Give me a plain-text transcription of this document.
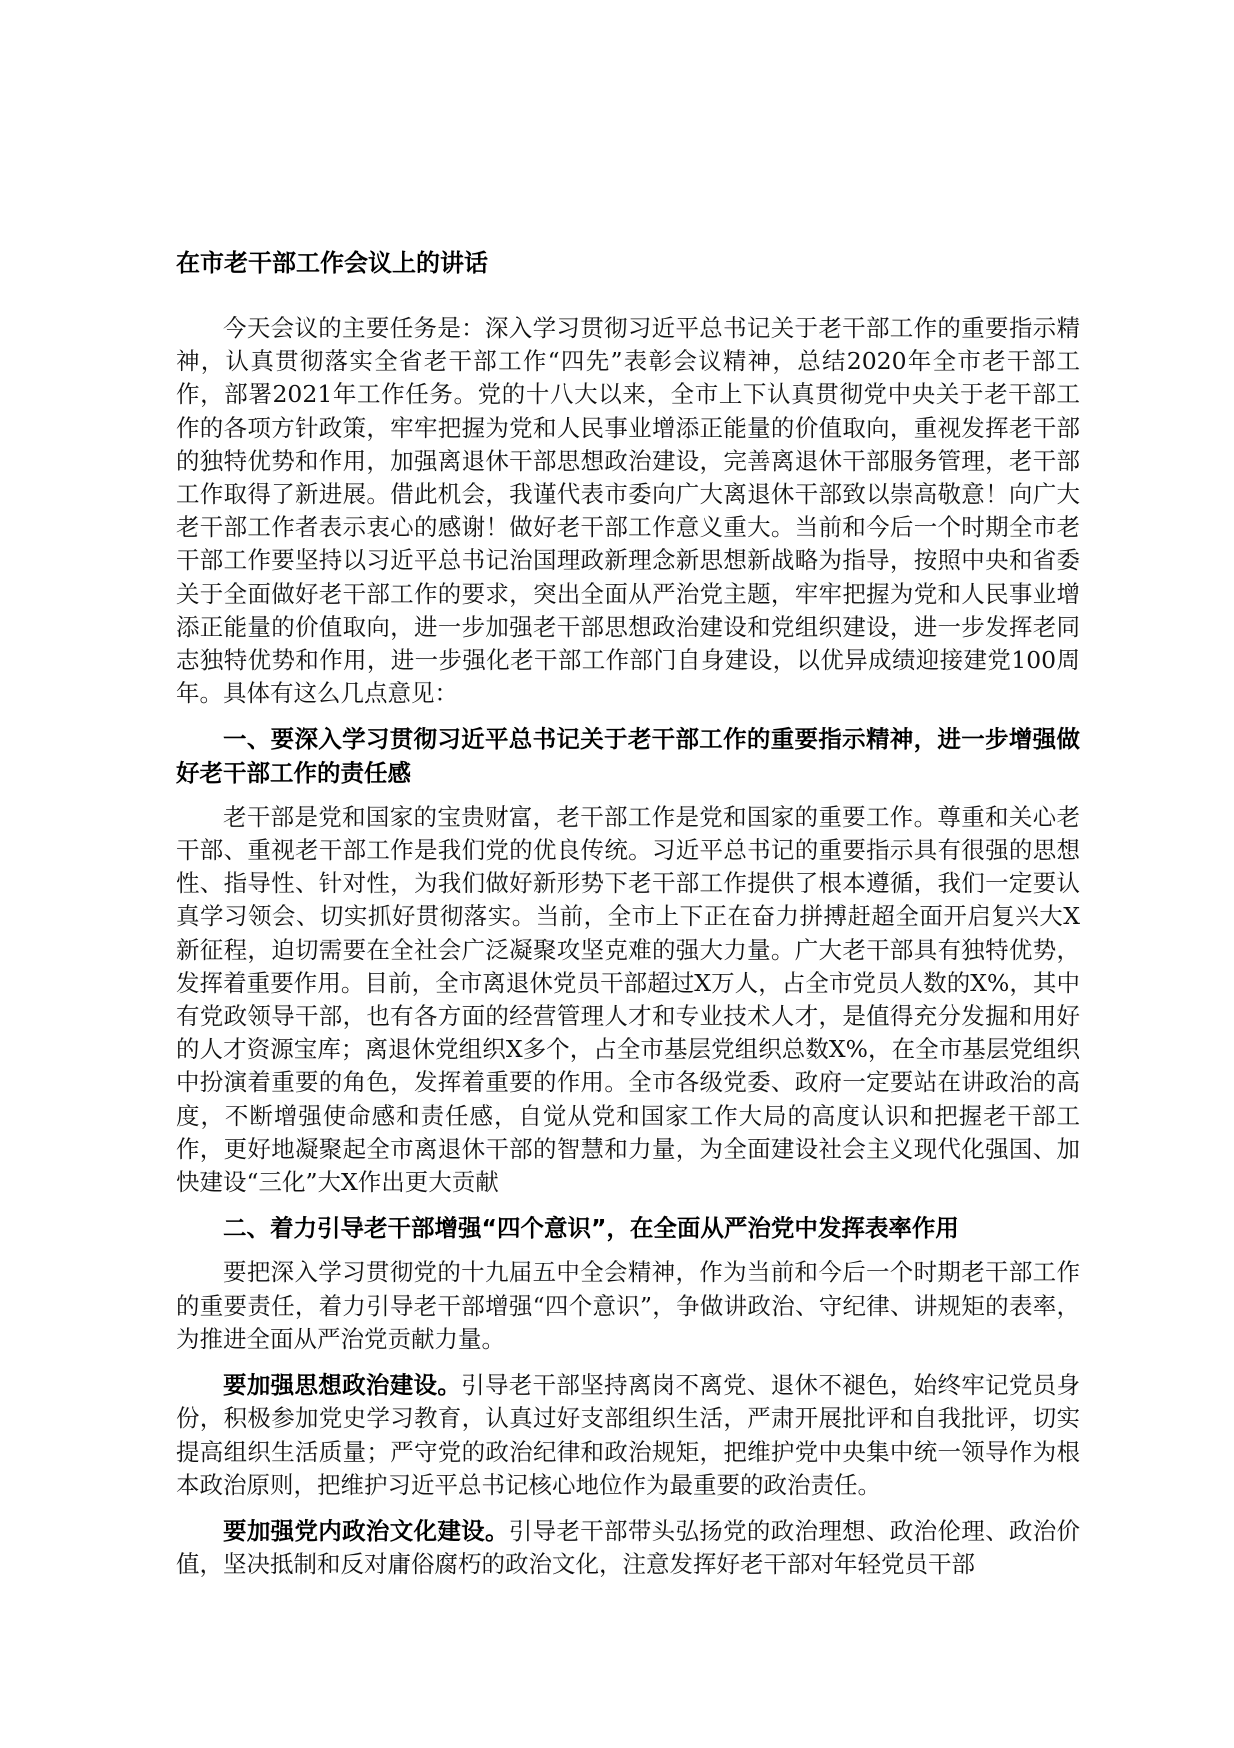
在市老干部工作会议上的讲话

今天会议的主要任务是：深入学习贯彻习近平总书记关于老干部工作的重要指示精神，认真贯彻落实全省老干部工作“四先”表彰会议精神，总结2020年全市老干部工作，部署2021年工作任务。党的十八大以来，全市上下认真贯彻党中央关于老干部工作的各项方针政策，牢牢把握为党和人民事业增添正能量的价值取向，重视发挥老干部的独特优势和作用，加强离退休干部思想政治建设，完善离退休干部服务管理，老干部工作取得了新进展。借此机会，我谨代表市委向广大离退休干部致以崇高敬意！向广大老干部工作者表示衷心的感谢！做好老干部工作意义重大。当前和今后一个时期全市老干部工作要坚持以习近平总书记治国理政新理念新思想新战略为指导，按照中央和省委关于全面做好老干部工作的要求，突出全面从严治党主题，牢牢把握为党和人民事业增添正能量的价值取向，进一步加强老干部思想政治建设和党组织建设，进一步发挥老同志独特优势和作用，进一步强化老干部工作部门自身建设，以优异成绩迎接建党100周年。具体有这么几点意见：

一、要深入学习贯彻习近平总书记关于老干部工作的重要指示精神，进一步增强做好老干部工作的责任感

老干部是党和国家的宝贵财富，老干部工作是党和国家的重要工作。尊重和关心老干部、重视老干部工作是我们党的优良传统。习近平总书记的重要指示具有很强的思想性、指导性、针对性，为我们做好新形势下老干部工作提供了根本遵循，我们一定要认真学习领会、切实抓好贯彻落实。当前，全市上下正在奋力拼搏赶超全面开启复兴大X新征程，迫切需要在全社会广泛凝聚攻坚克难的强大力量。广大老干部具有独特优势，发挥着重要作用。目前，全市离退休党员干部超过X万人，占全市党员人数的X%，其中有党政领导干部，也有各方面的经营管理人才和专业技术人才，是值得充分发掘和用好的人才资源宝库；离退休党组织X多个，占全市基层党组织总数X%，在全市基层党组织中扮演着重要的角色，发挥着重要的作用。全市各级党委、政府一定要站在讲政治的高度，不断增强使命感和责任感，自觉从党和国家工作大局的高度认识和把握老干部工作，更好地凝聚起全市离退休干部的智慧和力量，为全面建设社会主义现代化强国、加快建设“三化”大X作出更大贡献

二、着力引导老干部增强“四个意识”，在全面从严治党中发挥表率作用

要把深入学习贯彻党的十九届五中全会精神，作为当前和今后一个时期老干部工作的重要责任，着力引导老干部增强“四个意识”，争做讲政治、守纪律、讲规矩的表率，为推进全面从严治党贡献力量。

要加强思想政治建设。引导老干部坚持离岗不离党、退休不褪色，始终牢记党员身份，积极参加党史学习教育，认真过好支部组织生活，严肃开展批评和自我批评，切实提高组织生活质量；严守党的政治纪律和政治规矩，把维护党中央集中统一领导作为根本政治原则，把维护习近平总书记核心地位作为最重要的政治责任。

要加强党内政治文化建设。引导老干部带头弘扬党的政治理想、政治伦理、政治价值，坚决抵制和反对庸俗腐朽的政治文化，注意发挥好老干部对年轻党员干部
